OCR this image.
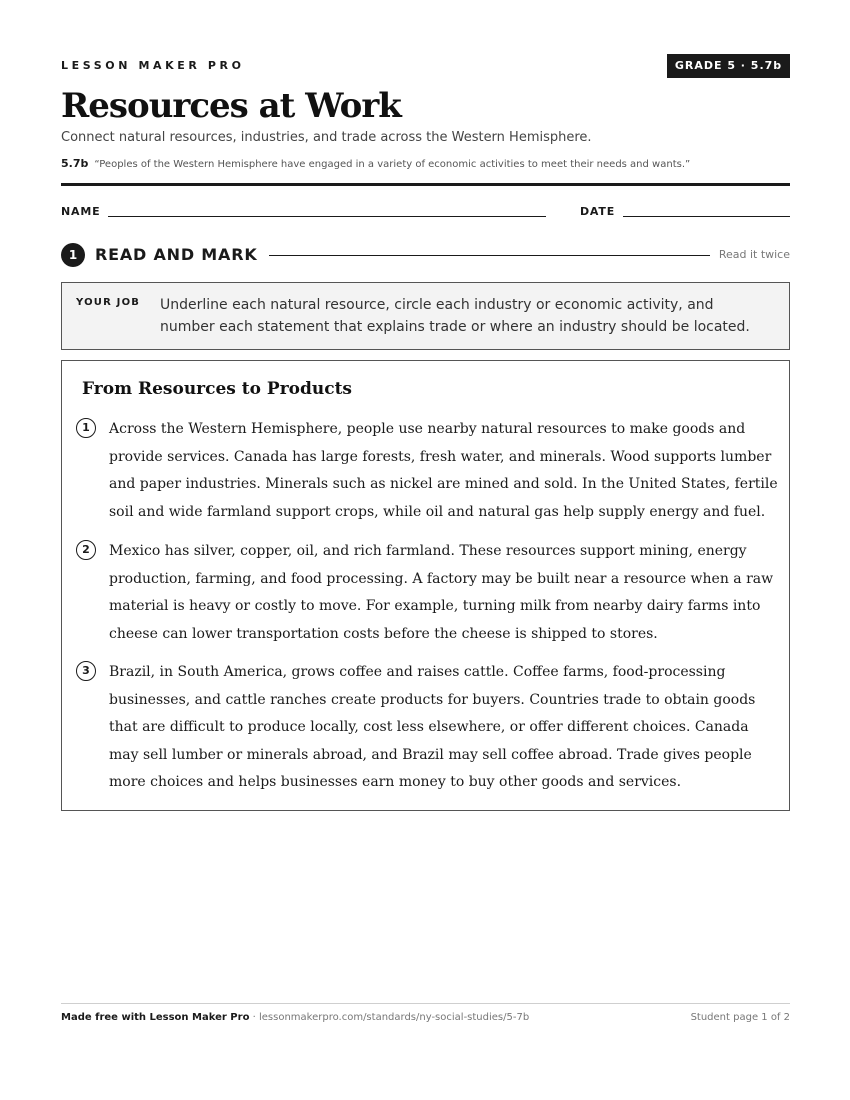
LESSON MAKER PRO	GRADE 5 · 5.7b
Resources at Work
Connect natural resources, industries, and trade across the Western Hemisphere.
5.7b “Peoples of the Western Hemisphere have engaged in a variety of economic activities to meet their needs and wants.”
NAME	DATE
1	READ AND MARK	Read it twice
YOUR JOB Underline each natural resource, circle each industry or economic activity, and number each statement that explains trade or where an industry should be located.
From Resources to Products
1	Across the Western Hemisphere, people use nearby natural resources to make goods and provide services. Canada has large forests, fresh water, and minerals. Wood supports lumber and paper industries. Minerals such as nickel are mined and sold. In the United States, fertile soil and wide farmland support crops, while oil and natural gas help supply energy and fuel.

2	Mexico has silver, copper, oil, and rich farmland. These resources support mining, energy production, farming, and food processing. A factory may be built near a resource when a raw material is heavy or costly to move. For example, turning milk from nearby dairy farms into cheese can lower transportation costs before the cheese is shipped to stores.

3	Brazil, in South America, grows coffee and raises cattle. Coffee farms, food-processing businesses, and cattle ranches create products for buyers. Countries trade to obtain goods that are difficult to produce locally, cost less elsewhere, or offer different choices. Canada may sell lumber or minerals abroad, and Brazil may sell coffee abroad. Trade gives people more choices and helps businesses earn money to buy other goods and services.

Made free with Lesson Maker Pro · lessonmakerpro.com/standards/ny-social-studies/5-7b	Student page 1 of 2
